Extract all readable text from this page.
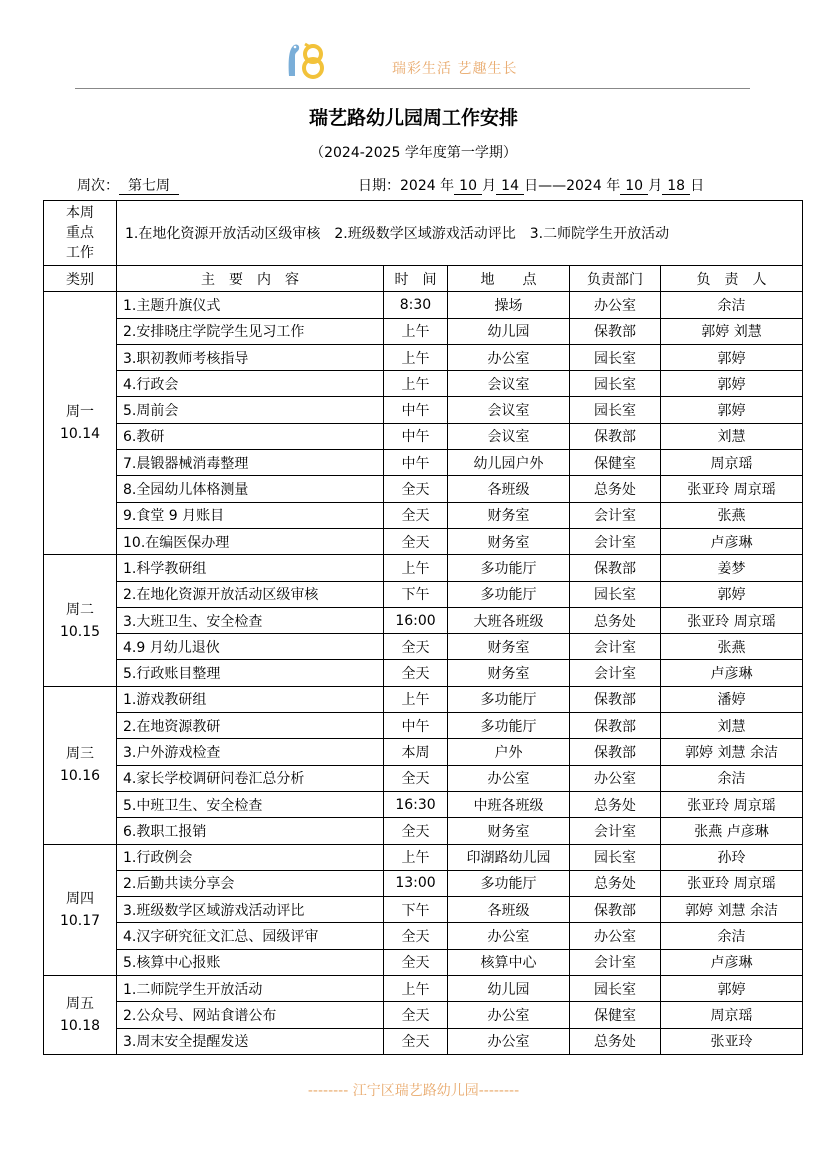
瑞彩生活 艺趣生长
瑞艺路幼儿园周工作安排
（2024-2025 学年度第一学期）
周次： 第七周	日期：2024 年 10 月 14 日——2024 年 10 月 18 日
本周
重点
工作	1.在地化资源开放活动区级审核　2.班级数学区域游戏活动评比　3.二师院学生开放活动				
类别	主　要　内　容	时　间	地　　点	负责部门	负　责　人

周一
10.14	1.主题升旗仪式	8:30	操场	办公室	余洁
	2.安排晓庄学院学生见习工作	上午	幼儿园	保教部	郭婷 刘慧
	3.职初教师考核指导	上午	办公室	园长室	郭婷
	4.行政会	上午	会议室	园长室	郭婷
	5.周前会	中午	会议室	园长室	郭婷
	6.教研	中午	会议室	保教部	刘慧
	7.晨锻器械消毒整理	中午	幼儿园户外	保健室	周京瑶
	8.全园幼儿体格测量	全天	各班级	总务处	张亚玲 周京瑶
	9.食堂 9 月账目	全天	财务室	会计室	张燕
	10.在编医保办理	全天	财务室	会计室	卢彦琳

周二
10.15	1.科学教研组	上午	多功能厅	保教部	姜梦
	2.在地化资源开放活动区级审核	下午	多功能厅	园长室	郭婷
	3.大班卫生、安全检查	16:00	大班各班级	总务处	张亚玲 周京瑶
	4.9 月幼儿退伙	全天	财务室	会计室	张燕
	5.行政账目整理	全天	财务室	会计室	卢彦琳

周三
10.16	1.游戏教研组	上午	多功能厅	保教部	潘婷
	2.在地资源教研	中午	多功能厅	保教部	刘慧
	3.户外游戏检查	本周	户外	保教部	郭婷 刘慧 余洁
	4.家长学校调研问卷汇总分析	全天	办公室	办公室	余洁
	5.中班卫生、安全检查	16:30	中班各班级	总务处	张亚玲 周京瑶
	6.教职工报销	全天	财务室	会计室	张燕 卢彦琳

周四
10.17	1.行政例会	上午	印湖路幼儿园	园长室	孙玲
	2.后勤共读分享会	13:00	多功能厅	总务处	张亚玲 周京瑶
	3.班级数学区域游戏活动评比	下午	各班级	保教部	郭婷 刘慧 余洁
	4.汉字研究征文汇总、园级评审	全天	办公室	办公室	余洁
	5.核算中心报账	全天	核算中心	会计室	卢彦琳

周五
10.18	1.二师院学生开放活动	上午	幼儿园	园长室	郭婷
	2.公众号、网站食谱公布	全天	办公室	保健室	周京瑶
	3.周末安全提醒发送	全天	办公室	总务处	张亚玲
-------- 江宁区瑞艺路幼儿园--------
